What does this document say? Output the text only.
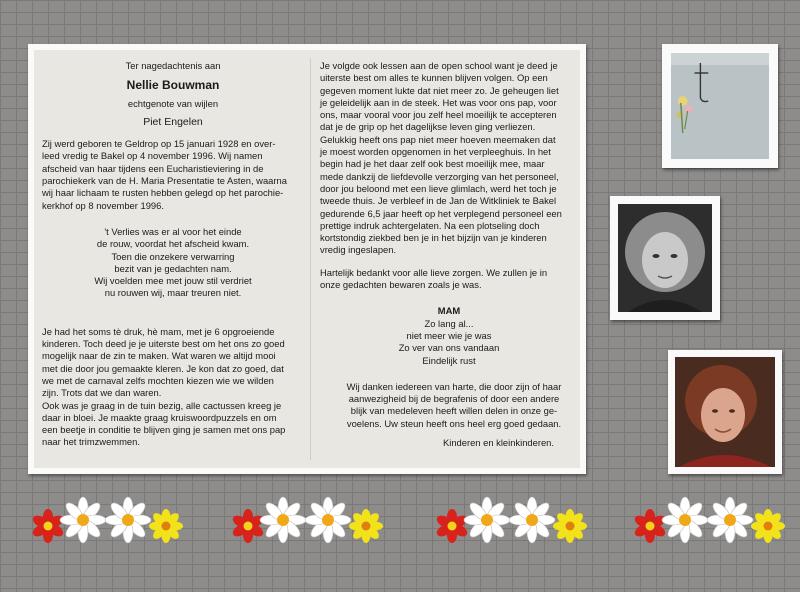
Ter nagedachtenis aan
Nellie Bouwman
echtgenote van wijlen
Piet Engelen
Zij werd geboren te Geldrop op 15 januari 1928 en over-
leed vredig te Bakel op 4 november 1996. Wij namen
afscheid van haar tijdens een Eucharistieviering in de
parochiekerk van de H. Maria Presentatie te Asten, waarna
wij haar lichaam te rusten hebben gelegd op het parochie-
kerkhof op 8 november 1996.
't Verlies was er al voor het einde
de rouw, voordat het afscheid kwam.
Toen die onzekere verwarring
bezit van je gedachten nam.
Wij voelden mee met jouw stil verdriet
nu rouwen wij, maar treuren niet.
Je had het soms tè druk, hè mam, met je 6 opgroeiende
kinderen. Toch deed je je uiterste best om het ons zo goed
mogelijk naar de zin te maken. Wat waren we altijd mooi
met die door jou gemaakte kleren. Je kon dat zo goed, dat
we met de carnaval zelfs mochten kiezen wie we wilden
zijn. Trots dat we dan waren.
Ook was je graag in de tuin bezig, alle cactussen kreeg je
daar in bloei. Je maakte graag kruiswoordpuzzels en om
een beetje in conditie te blijven ging je samen met ons pap
naar het trimzwemmen.
Je volgde ook lessen aan de open school want je deed je
uiterste best om alles te kunnen blijven volgen. Op een
gegeven moment lukte dat niet meer zo. Je geheugen liet
je geleidelijk aan in de steek. Het was voor ons pap, voor
ons, maar vooral voor jou zelf heel moeilijk te accepteren
dat je de grip op het dagelijkse leven ging verliezen.
Gelukkig heeft ons pap niet meer hoeven meemaken dat
je moest worden opgenomen in het verpleeghuis. In het
begin had je het daar zelf ook best moeilijk mee, maar
mede dankzij de liefdevolle verzorging van het personeel,
door jou beloond met een lieve glimlach, werd het toch je
tweede thuis. Je verbleef in de Jan de Witkliniek te Bakel
gedurende 6,5 jaar heeft op het verplegend personeel een
prettige indruk achtergelaten. Na een plotseling doch
kortstondig ziekbed ben je in het bijzijn van je kinderen
vredig ingeslapen.
Hartelijk bedankt voor alle lieve zorgen. We zullen je in
onze gedachten bewaren zoals je was.
MAM
Zo lang al...
niet meer wie je was
Zo ver van ons vandaan
Eindelijk rust
Wij danken iedereen van harte, die door zijn of haar
aanwezigheid bij de begrafenis of door een andere
blijk van medeleven heeft willen delen in onze ge-
voelens. Uw steun heeft ons heel erg goed gedaan.
Kinderen en kleinkinderen.
